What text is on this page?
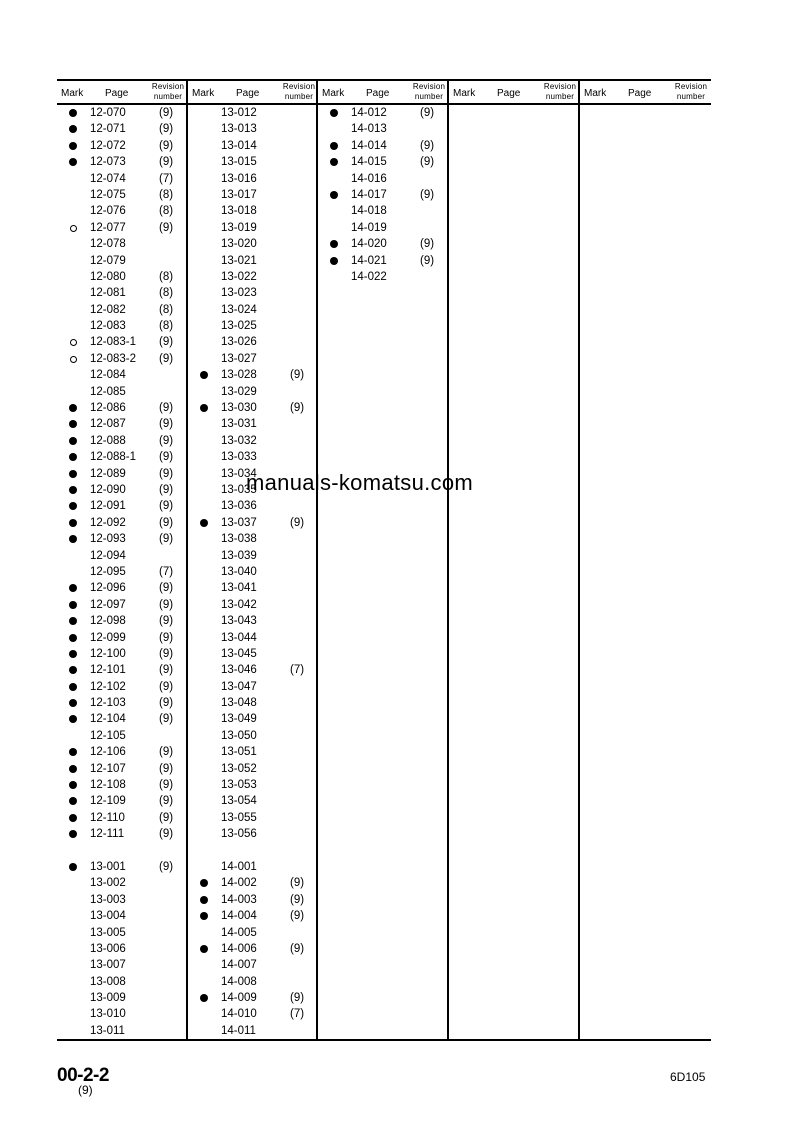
Mark Page
Revision
number
12-070	(9)
12-071	(9)
12-072	(9)
12-073	(9)
12-074	(7)
12-075	(8)
12-076	(8)
12-077	(9)
12-078
12-079
12-080	(8)
12-081	(8)
12-082	(8)
12-083	(8)
12-083-1 (9)
12-083-2 (9)
12-084
12-085
12-086	(9)
12-087	(9)
12-088	(9)
12-088-1 (9)
12-089	(9)
12-090	(9)
12-091	(9)
12-092	(9)
12-093	(9)
12-094
12-095	(7)
12-096	(9)
12-097	(9)
12-098	(9)
12-099	(9)
12-100	(9)
12-101	(9)
12-102	(9)
12-103	(9)
12-104	(9)
12-105
12-106	(9)
12-107	(9)
12-108	(9)
12-109	(9)
12-110	(9)
12-111	(9)
13-001	(9)
13-002
13-003
13-004
13-005
13-006
13-007
13-008
13-009
13-010
13-011
Mark Page
Revision
number
13-012
13-013
13-014
13-015
13-016
13-017
13-018
13-019
13-020
13-021
13-022
13-023
13-024
13-025
13-026
13-027
13-028	(9)
13-029
13-030	(9)
13-031
13-032
13-033
13-034
13-035
13-036
13-037	(9)
13-038
13-039
13-040
13-041
13-042
13-043
13-044
13-045
13-046	(7)
13-047
13-048
13-049
13-050
13-051
13-052
13-053
13-054
13-055
13-056
14-001
14-002	(9)
14-003	(9)
14-004	(9)
14-005
14-006	(9)
14-007
14-008
14-009	(9)
14-010	(7)
14-011
Mark Page
Revision
number
14-012	(9)
14-013
14-014	(9)
14-015	(9)
14-016
14-017	(9)
14-018
14-019
14-020	(9)
14-021	(9)
14-022
Mark Page
Revision
number Mark Page
Revision
number
manuals-komatsu.com
00-2-2
(9)
6D105
